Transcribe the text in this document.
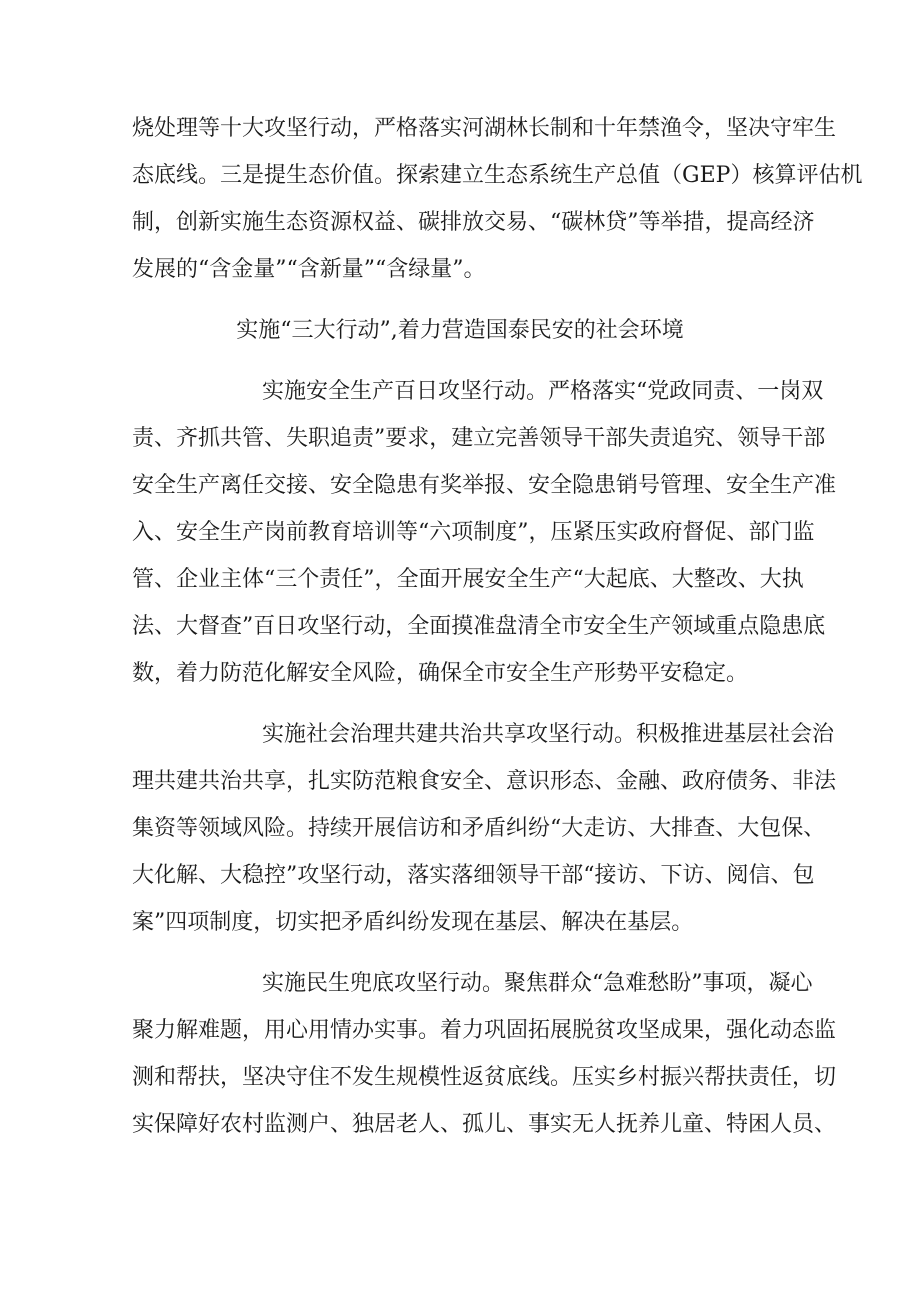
烧处理等十大攻坚行动，严格落实河湖林长制和十年禁渔令，坚决守牢生
态底线。三是提生态价值。探索建立生态系统生产总值（GEP）核算评估机
制，创新实施生态资源权益、碳排放交易、“碳林贷”等举措，提高经济
发展的“含金量”“含新量”“含绿量”。
实施“三大行动”,着力营造国泰民安的社会环境
实施安全生产百日攻坚行动。严格落实“党政同责、一岗双
责、齐抓共管、失职追责”要求，建立完善领导干部失责追究、领导干部
安全生产离任交接、安全隐患有奖举报、安全隐患销号管理、安全生产准
入、安全生产岗前教育培训等“六项制度”，压紧压实政府督促、部门监
管、企业主体“三个责任”，全面开展安全生产“大起底、大整改、大执
法、大督查”百日攻坚行动，全面摸准盘清全市安全生产领域重点隐患底
数，着力防范化解安全风险，确保全市安全生产形势平安稳定。
实施社会治理共建共治共享攻坚行动。积极推进基层社会治
理共建共治共享，扎实防范粮食安全、意识形态、金融、政府债务、非法
集资等领域风险。持续开展信访和矛盾纠纷“大走访、大排查、大包保、
大化解、大稳控”攻坚行动，落实落细领导干部“接访、下访、阅信、包
案”四项制度，切实把矛盾纠纷发现在基层、解决在基层。
实施民生兜底攻坚行动。聚焦群众“急难愁盼”事项，凝心
聚力解难题，用心用情办实事。着力巩固拓展脱贫攻坚成果，强化动态监
测和帮扶，坚决守住不发生规模性返贫底线。压实乡村振兴帮扶责任，切
实保障好农村监测户、独居老人、孤儿、事实无人抚养儿童、特困人员、
